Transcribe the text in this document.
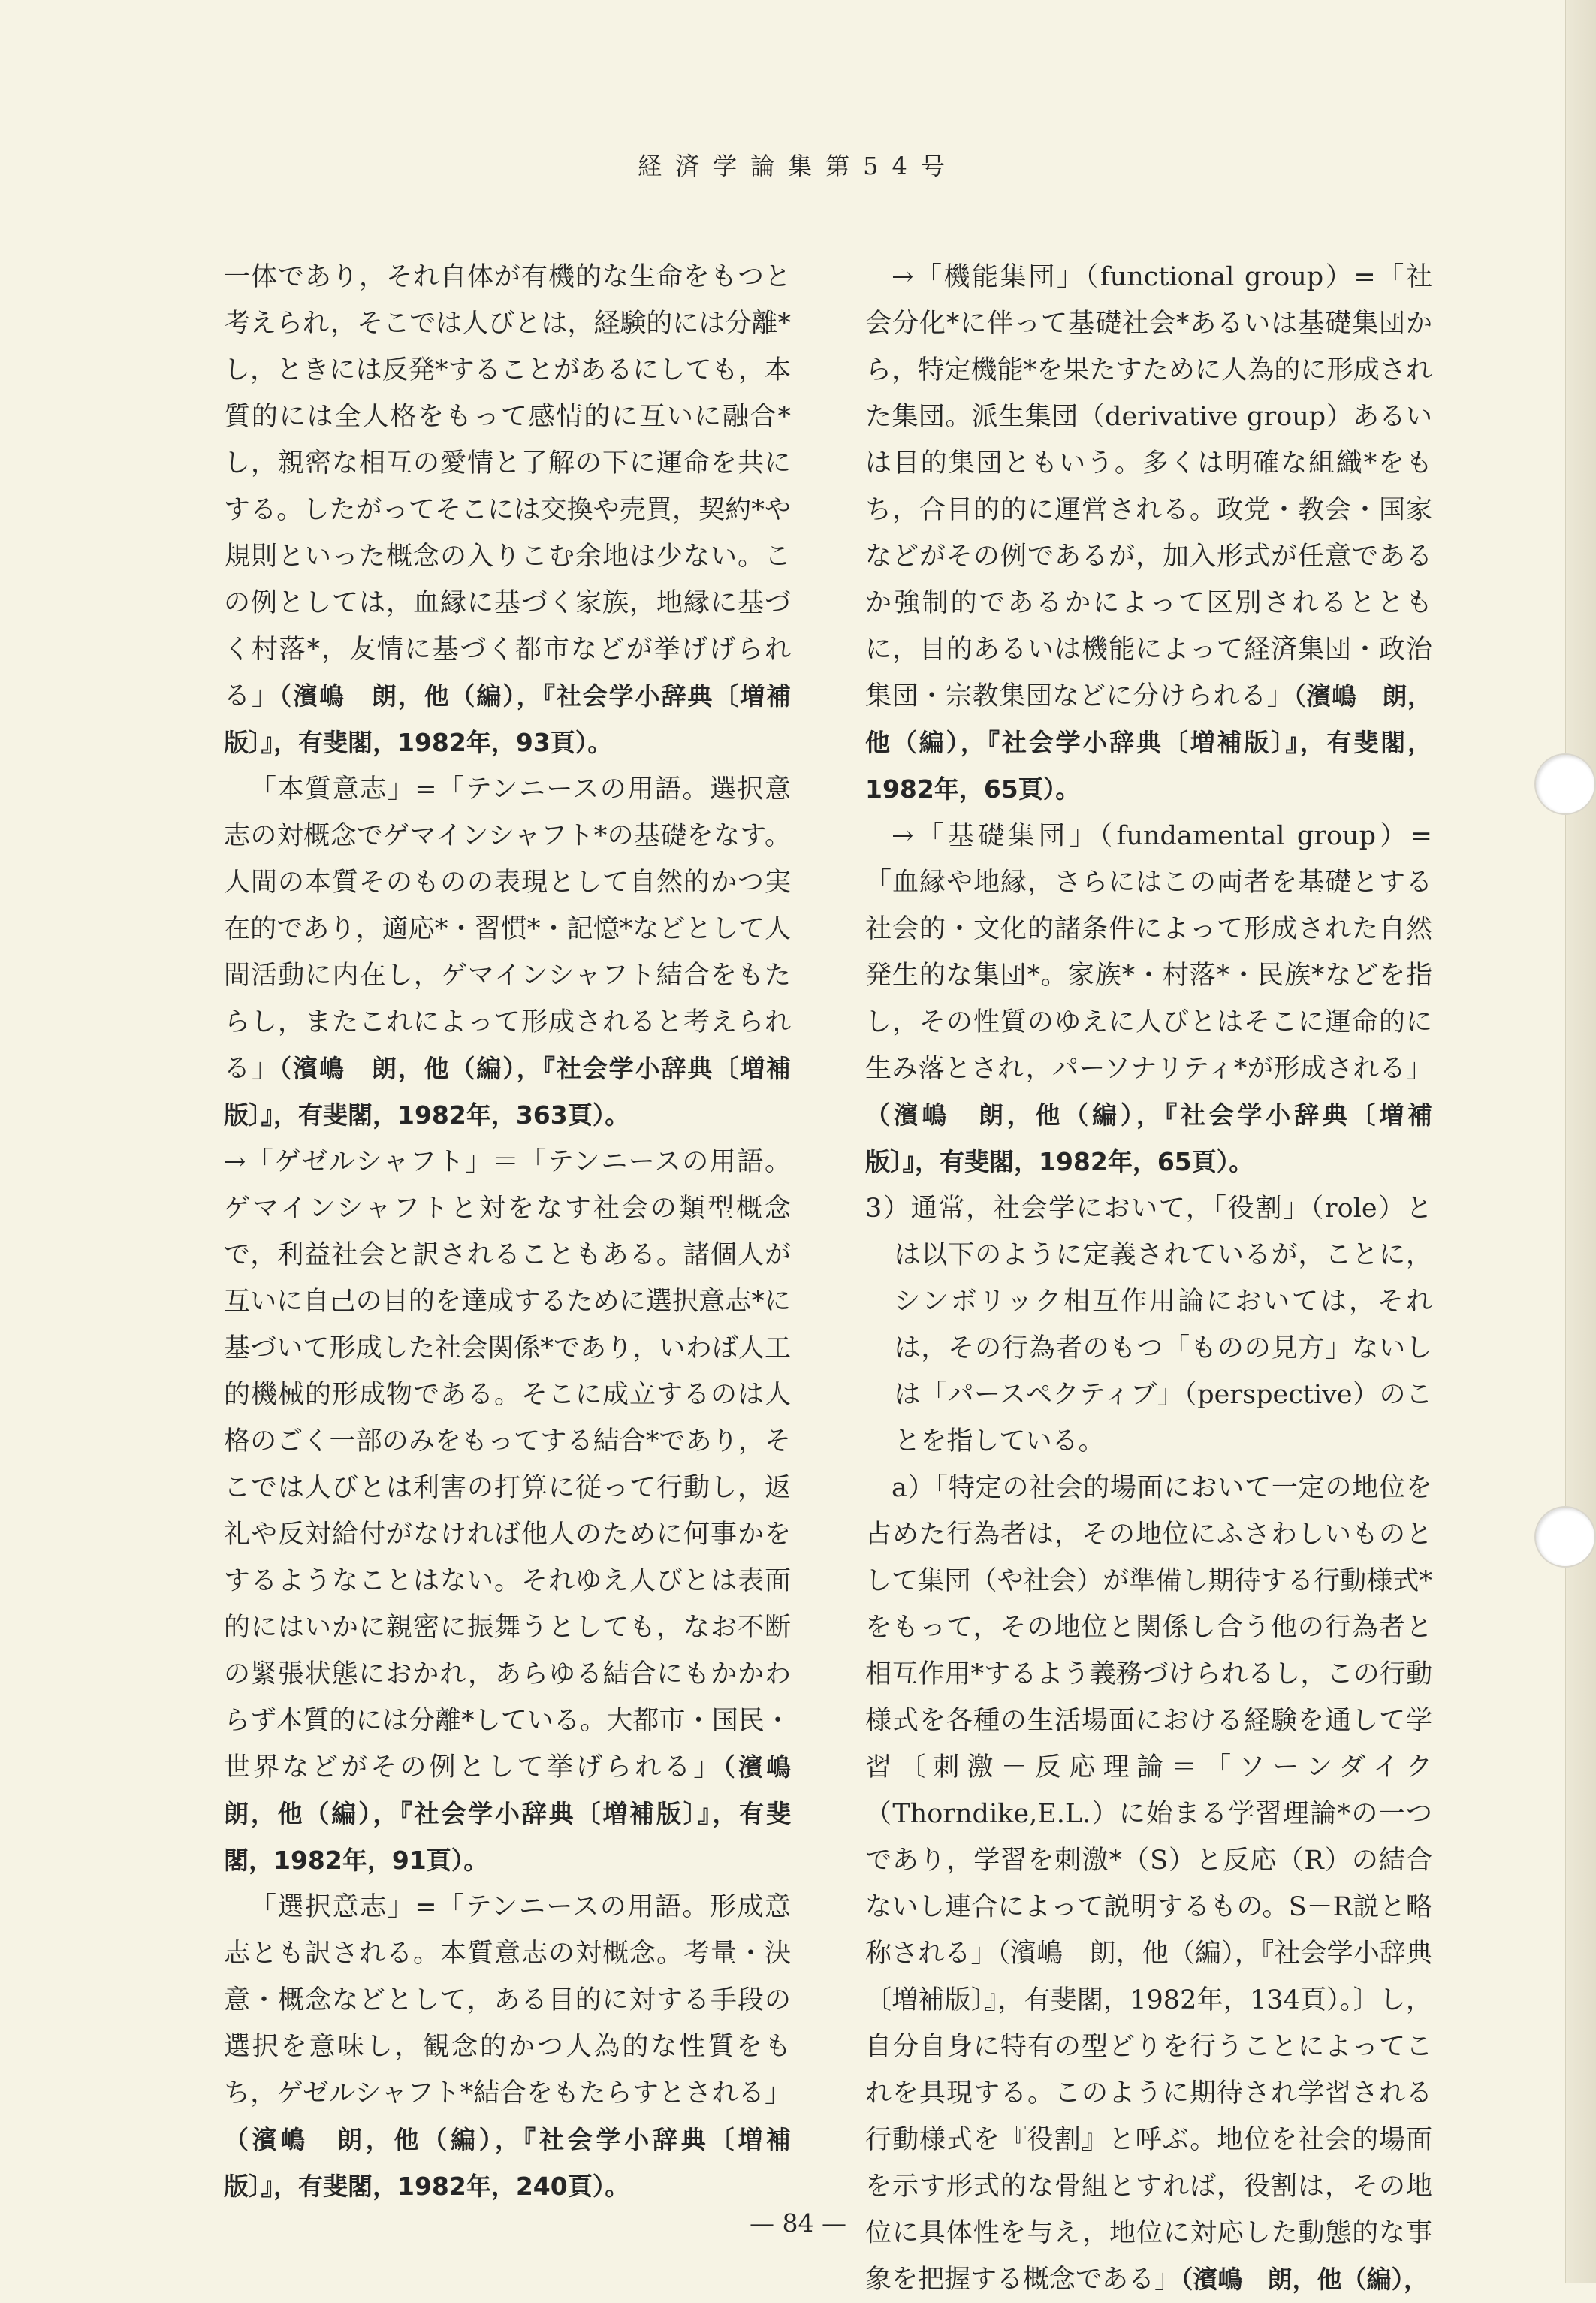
経済学論集第54号

一体であり，それ自体が有機的な生命をもつと考えられ，そこでは人びとは，経験的には分離*し，ときには反発*することがあるにしても，本質的には全人格をもって感情的に互いに融合*し，親密な相互の愛情と了解の下に運命を共にする。したがってそこには交換や売買，契約*や規則といった概念の入りこむ余地は少ない。この例としては，血縁に基づく家族，地縁に基づく村落*，友情に基づく都市などが挙げげられる」（濱嶋　朗，他（編），『社会学小辞典〔増補版〕』，有斐閣，1982年，93頁）。

「本質意志」=「テンニースの用語。選択意志の対概念でゲマインシャフト*の基礎をなす。人間の本質そのものの表現として自然的かつ実在的であり，適応*・習慣*・記憶*などとして人間活動に内在し，ゲマインシャフト結合をもたらし，またこれによって形成されると考えられる」（濱嶋　朗，他（編），『社会学小辞典〔増補版〕』，有斐閣，1982年，363頁）。

→「ゲゼルシャフト」＝「テンニースの用語。ゲマインシャフトと対をなす社会の類型概念で，利益社会と訳されることもある。諸個人が互いに自己の目的を達成するために選択意志*に基づいて形成した社会関係*であり，いわば人工的機械的形成物である。そこに成立するのは人格のごく一部のみをもってする結合*であり，そこでは人びとは利害の打算に従って行動し，返礼や反対給付がなければ他人のために何事かをするようなことはない。それゆえ人びとは表面的にはいかに親密に振舞うとしても，なお不断の緊張状態におかれ，あらゆる結合にもかかわらず本質的には分離*している。大都市・国民・世界などがその例として挙げられる」（濱嶋　朗，他（編），『社会学小辞典〔増補版〕』，有斐閣，1982年，91頁）。

「選択意志」=「テンニースの用語。形成意志とも訳される。本質意志の対概念。考量・決意・概念などとして，ある目的に対する手段の選択を意味し，観念的かつ人為的な性質をもち，ゲゼルシャフト*結合をもたらすとされる」（濱嶋　朗，他（編），『社会学小辞典〔増補版〕』，有斐閣，1982年，240頁）。

→「機能集団」（functional group）=「社会分化*に伴って基礎社会*あるいは基礎集団から，特定機能*を果たすために人為的に形成された集団。派生集団（derivative group）あるいは目的集団ともいう。多くは明確な組織*をもち，合目的的に運営される。政党・教会・国家などがその例であるが，加入形式が任意であるか強制的であるかによって区別されるとともに，目的あるいは機能によって経済集団・政治集団・宗教集団などに分けられる」（濱嶋　朗，他（編），『社会学小辞典〔増補版〕』，有斐閣，1982年，65頁）。

→「基礎集団」（fundamental group）=「血縁や地縁，さらにはこの両者を基礎とする社会的・文化的諸条件によって形成された自然発生的な集団*。家族*・村落*・民族*などを指し，その性質のゆえに人びとはそこに運命的に生み落とされ，パーソナリティ*が形成される」（濱嶋　朗，他（編），『社会学小辞典〔増補版〕』，有斐閣，1982年，65頁）。

3）通常，社会学において，「役割」（role）とは以下のように定義されているが，ことに，シンボリック相互作用論においては，それは，その行為者のもつ「ものの見方」ないしは「パースペクティブ」（perspective）のことを指している。

a）「特定の社会的場面において一定の地位を占めた行為者は，その地位にふさわしいものとして集団（や社会）が準備し期待する行動様式*をもって，その地位と関係し合う他の行為者と相互作用*するよう義務づけられるし，この行動様式を各種の生活場面における経験を通して学習〔刺激－反応理論＝「ソーンダイク（Thorndike,E.L.）に始まる学習理論*の一つであり，学習を刺激*（S）と反応（R）の結合ないし連合によって説明するもの。S－R説と略称される」（濱嶋　朗，他（編），『社会学小辞典〔増補版〕』，有斐閣，1982年，134頁）。〕し，自分自身に特有の型どりを行うことによってこれを具現する。このように期待され学習される行動様式を『役割』と呼ぶ。地位を社会的場面を示す形式的な骨組とすれば，役割は，その地位に具体性を与え，地位に対応した動態的な事象を把握する概念である」（濱嶋　朗，他（編），

— 84 —
